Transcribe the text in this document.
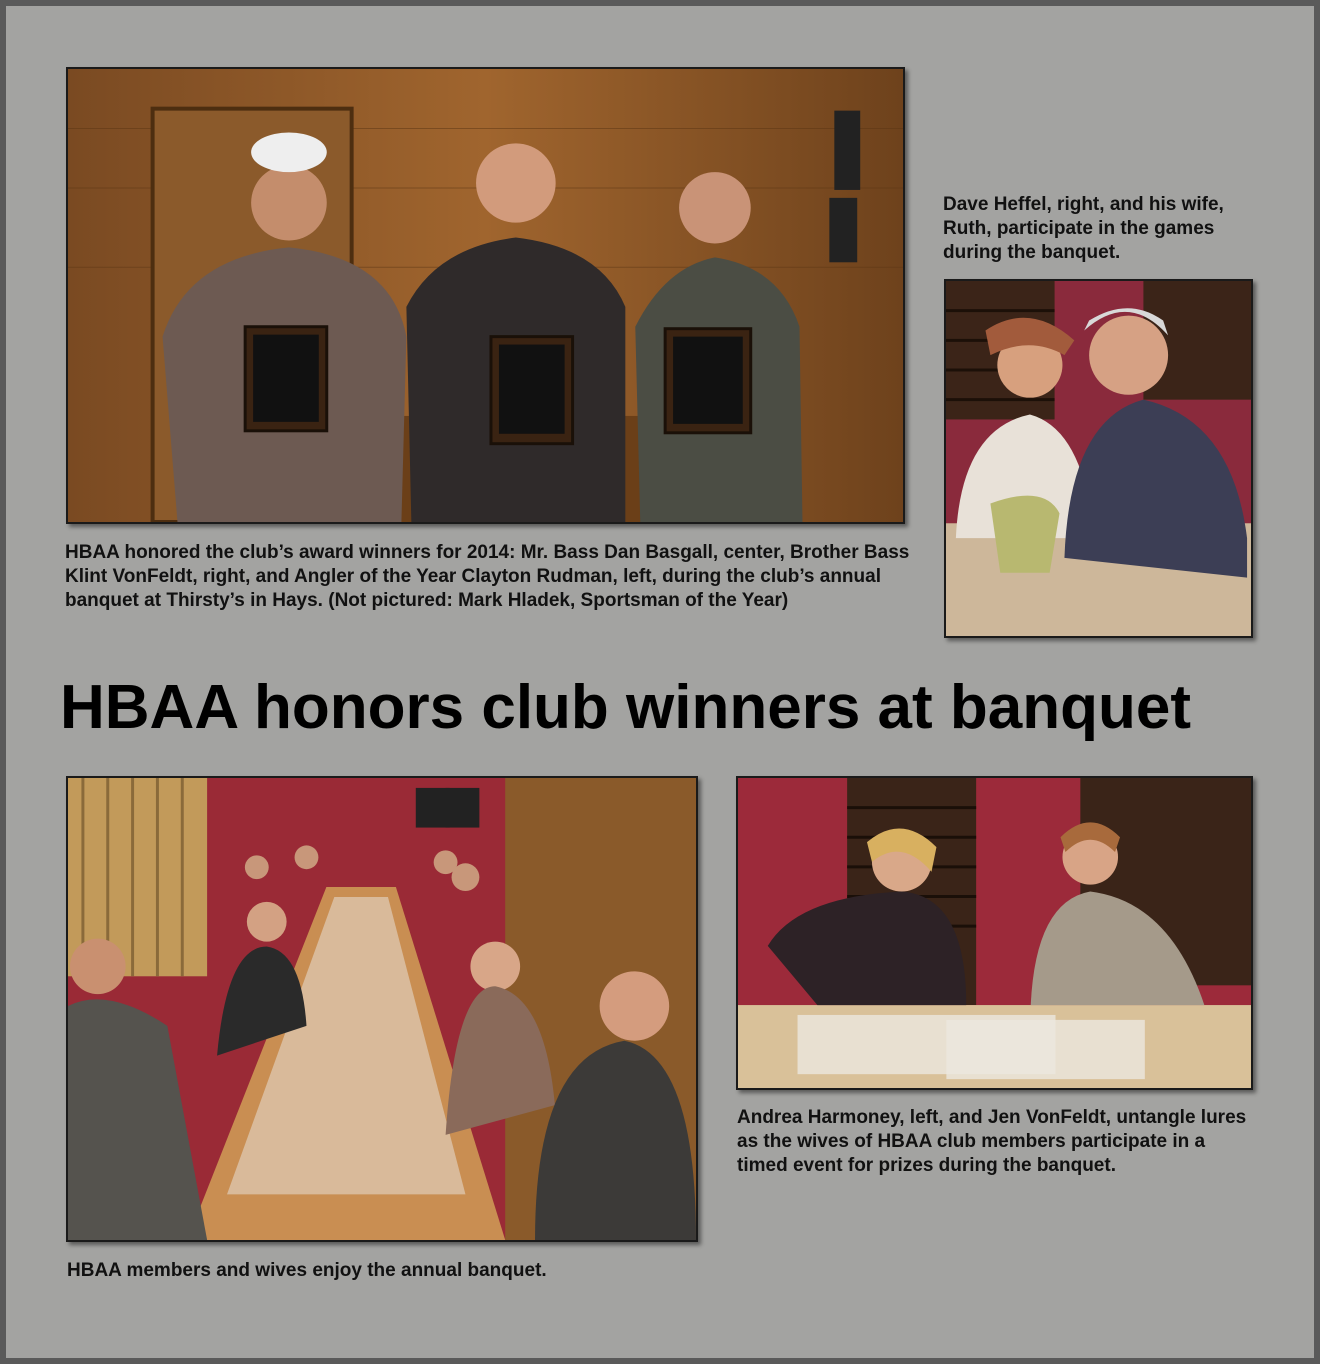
HBAA honored the club’s award winners for 2014: Mr. Bass Dan Basgall, center, Brother Bass Klint VonFeldt, right, and Angler of the Year Clayton Rudman, left, during the club’s annual banquet at Thirsty’s in Hays. (Not pictured: Mark Hladek, Sportsman of the Year)
Dave Heffel, right, and his wife, Ruth, participate in the games during the banquet.
HBAA honors club winners at banquet
HBAA members and wives enjoy the annual banquet.
Andrea Harmoney, left, and Jen VonFeldt, untangle lures as the wives of HBAA club members participate in a timed event for prizes during the banquet.
